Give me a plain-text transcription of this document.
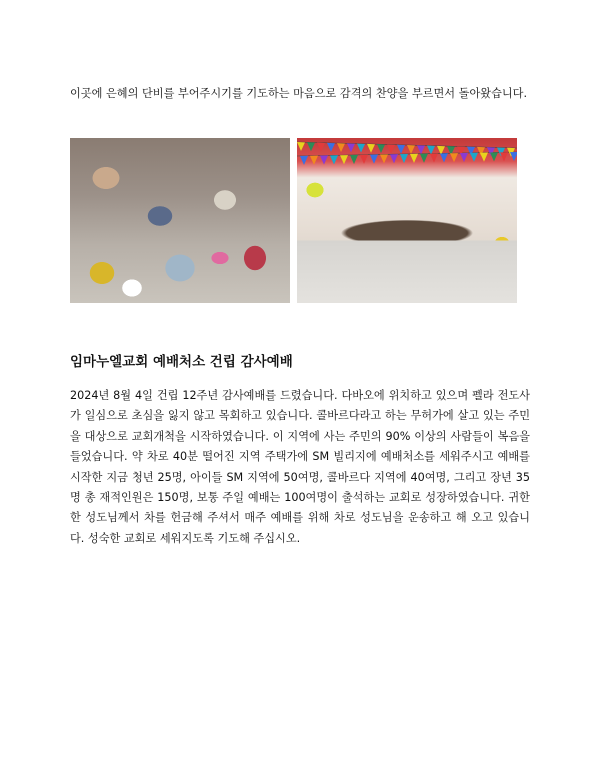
이곳에 은혜의 단비를 부어주시기를 기도하는 마음으로 감격의 찬양을 부르면서 돌아왔습니다.

임마누엘교회 예배처소 건립 감사예배

2024년 8월 4일 건립 12주년 감사예배를 드렸습니다. 다바오에 위치하고 있으며 펠라 전도사가 일심으로 초심을 잃지 않고 목회하고 있습니다. 콜바르다라고 하는 무허가에 살고 있는 주민을 대상으로 교회개척을 시작하였습니다. 이 지역에 사는 주민의 90% 이상의 사람들이 복음을 들었습니다. 약 차로 40분 떨어진 지역 주택가에 SM 빌리지에 예배처소를 세워주시고 예배를 시작한 지금 청년 25명, 아이들 SM 지역에 50여명, 콜바르다 지역에 40여명, 그리고 장년 35명 총 재적인원은 150명, 보통 주일 예배는 100여명이 출석하는 교회로 성장하였습니다. 귀한 한 성도님께서 차를 헌금해 주셔서 매주 예배를 위해 차로 성도님을 운송하고 해 오고 있습니다. 성숙한 교회로 세워지도록 기도해 주십시오.
